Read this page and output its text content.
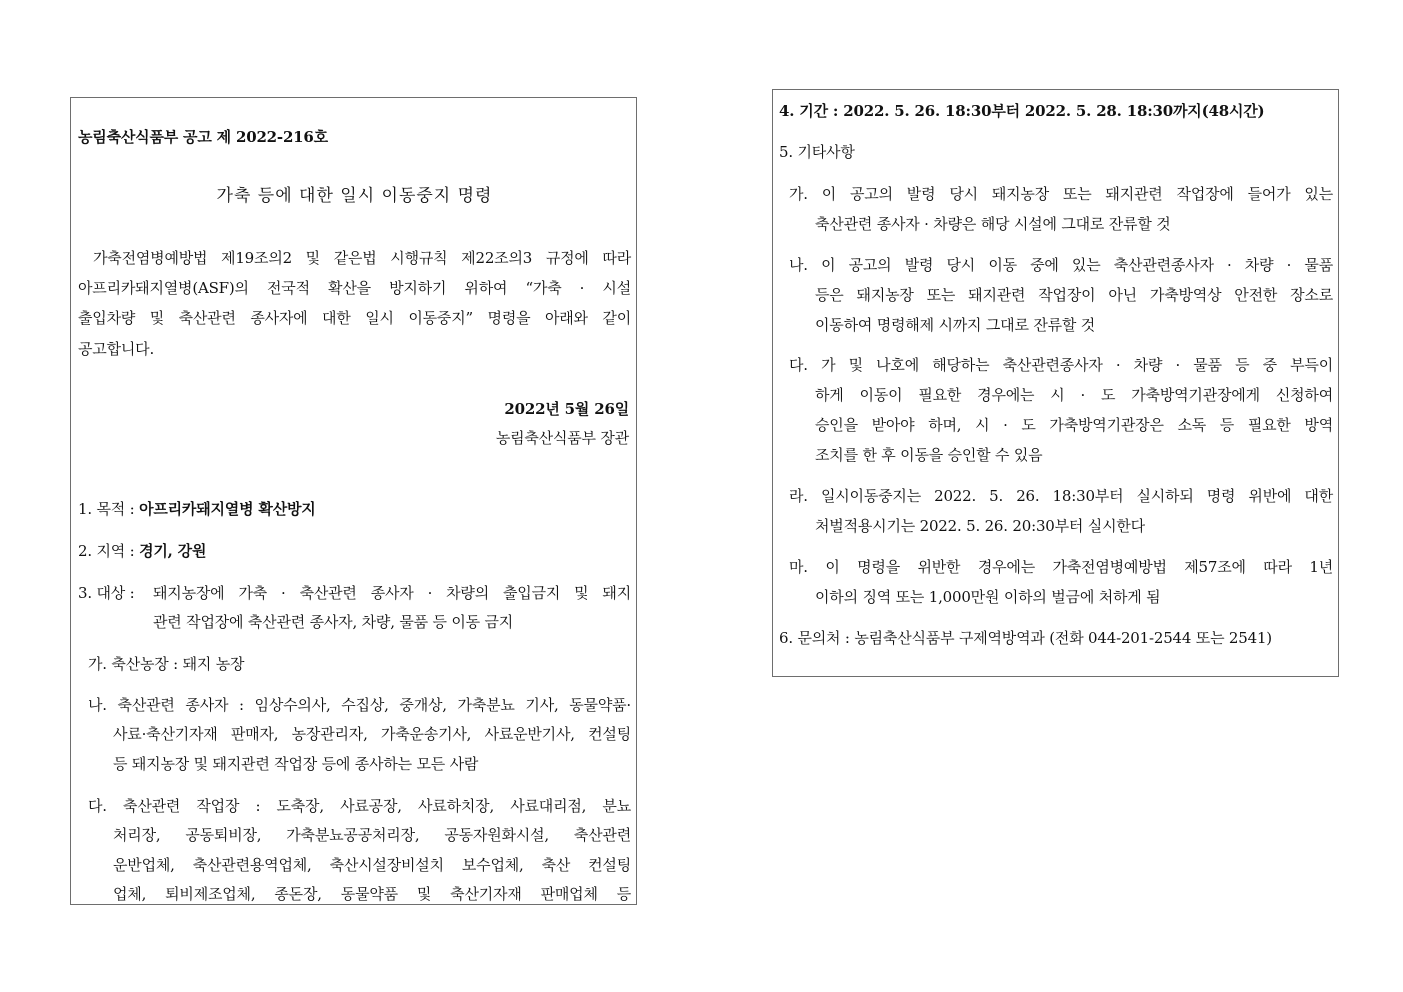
농림축산식품부 공고 제 2022-216호
가축 등에 대한 일시 이동중지 명령
가축전염병예방법 제19조의2 및 같은법 시행규칙 제22조의3 규정에 따라
아프리카돼지열병(ASF)의 전국적 확산을 방지하기 위하여 “가축 · 시설
출입차량 및 축산관련 종사자에 대한 일시 이동중지” 명령을 아래와 같이
공고합니다.
2022년 5월 26일
농림축산식품부 장관
1. 목적 : 아프리카돼지열병 확산방지
2. 지역 : 경기, 강원
3. 대상 : 돼지농장에 가축 · 축산관련 종사자 · 차량의 출입금지 및 돼지
관련 작업장에 축산관련 종사자, 차량, 물품 등 이동 금지
가. 축산농장 : 돼지 농장
나. 축산관련 종사자 : 임상수의사, 수집상, 중개상, 가축분뇨 기사, 동물약품·
사료·축산기자재 판매자, 농장관리자, 가축운송기사, 사료운반기사, 컨설팅
등 돼지농장 및 돼지관련 작업장 등에 종사하는 모든 사람
다. 축산관련 작업장 : 도축장, 사료공장, 사료하치장, 사료대리점, 분뇨
처리장, 공동퇴비장, 가축분뇨공공처리장, 공동자원화시설, 축산관련
운반업체, 축산관련용역업체, 축산시설장비설치 보수업체, 축산 컨설팅
업체, 퇴비제조업체, 종돈장, 동물약품 및 축산기자재 판매업체 등
4. 기간 : 2022. 5. 26. 18:30부터 2022. 5. 28. 18:30까지(48시간)
5. 기타사항
가. 이 공고의 발령 당시 돼지농장 또는 돼지관련 작업장에 들어가 있는
축산관련 종사자 · 차량은 해당 시설에 그대로 잔류할 것
나. 이 공고의 발령 당시 이동 중에 있는 축산관련종사자 · 차량 · 물품
등은 돼지농장 또는 돼지관련 작업장이 아닌 가축방역상 안전한 장소로
이동하여 명령해제 시까지 그대로 잔류할 것
다. 가 및 나호에 해당하는 축산관련종사자 · 차량 · 물품 등 중 부득이
하게 이동이 필요한 경우에는 시 · 도 가축방역기관장에게 신청하여
승인을 받아야 하며, 시 · 도 가축방역기관장은 소독 등 필요한 방역
조치를 한 후 이동을 승인할 수 있음
라. 일시이동중지는 2022. 5. 26. 18:30부터 실시하되 명령 위반에 대한
처벌적용시기는 2022. 5. 26. 20:30부터 실시한다
마. 이 명령을 위반한 경우에는 가축전염병예방법 제57조에 따라 1년
이하의 징역 또는 1,000만원 이하의 벌금에 처하게 됨
6. 문의처 : 농림축산식품부 구제역방역과 (전화 044-201-2544 또는 2541)
